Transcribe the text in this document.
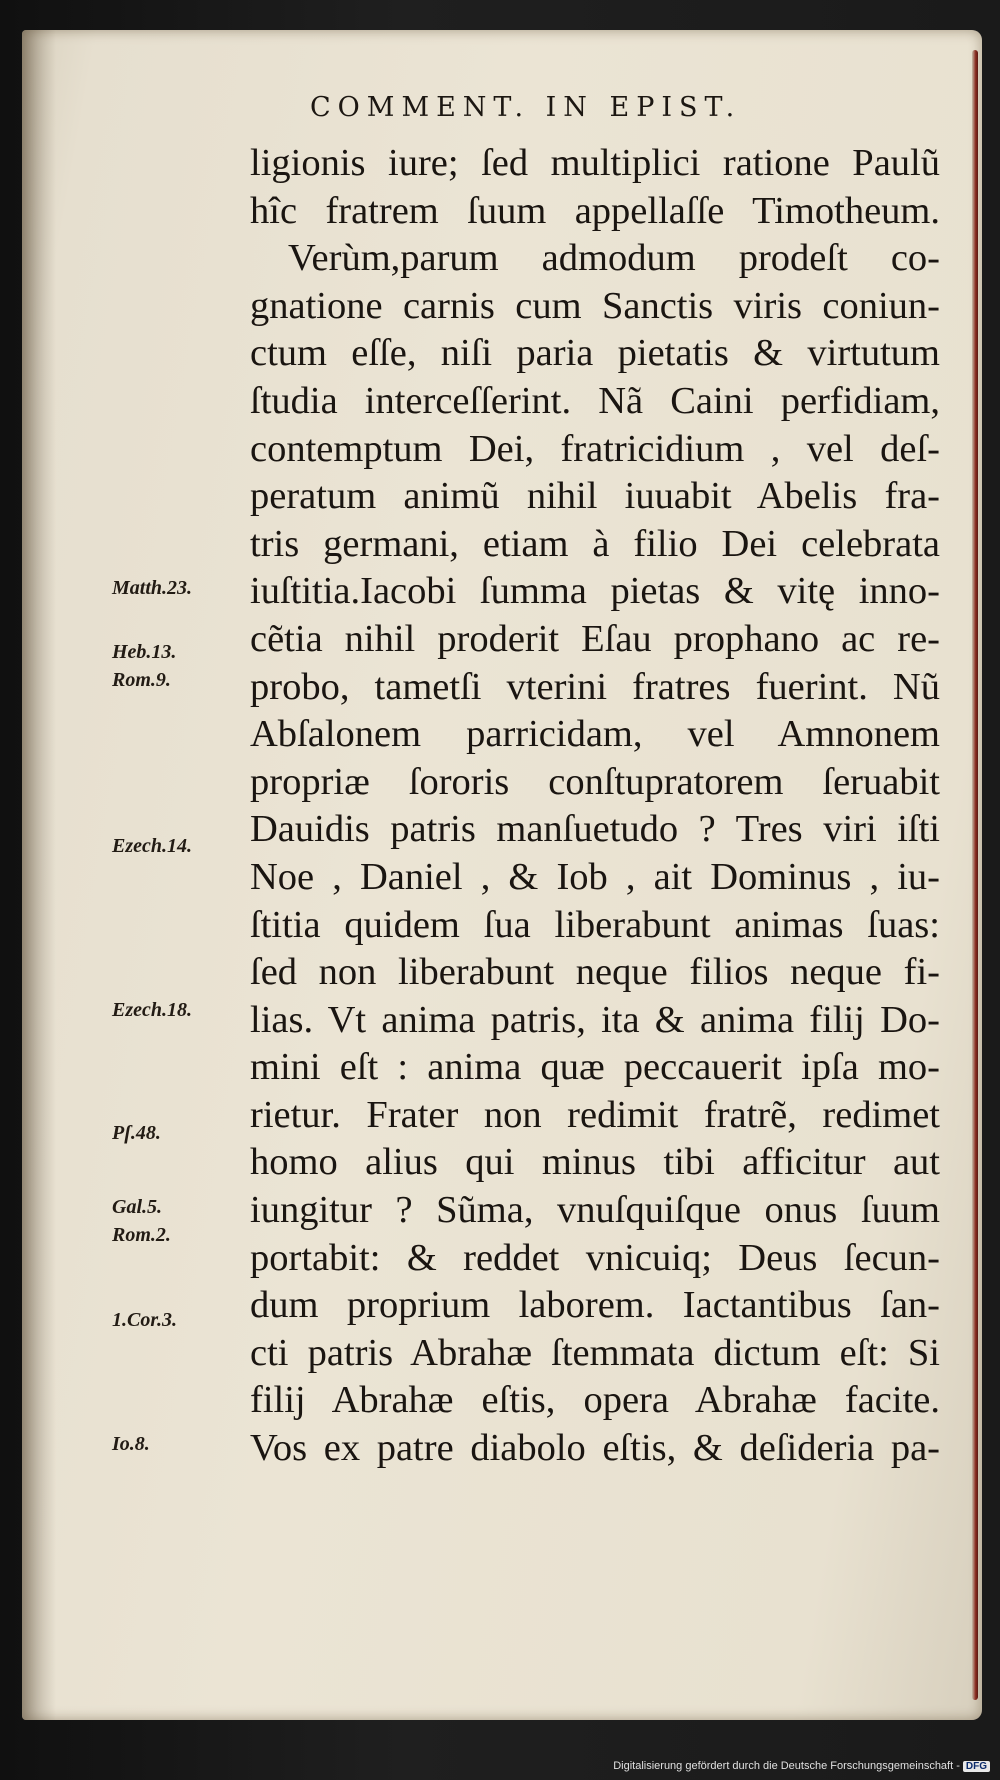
COMMENT. IN EPIST.
ligionis iure; ſed multiplici ratione Paulũ
hîc fratrem ſuum appellaſſe Timotheum.
Verùm,parum admodum prodeſt co-
gnatione carnis cum Sanctis viris coniun-
ctum eſſe, niſi paria pietatis & virtutum
ſtudia interceſſerint. Nã Caini perfidiam,
contemptum Dei, fratricidium , vel deſ-
peratum animũ nihil iuuabit Abelis fra-
tris germani, etiam à filio Dei celebrata
iuſtitia.Iacobi ſumma pietas & vitę inno-
cẽtia nihil proderit Eſau prophano ac re-
probo, tametſi vterini fratres fuerint. Nũ
Abſalonem parricidam, vel Amnonem
propriæ ſororis conſtupratorem ſeruabit
Dauidis patris manſuetudo ? Tres viri iſti
Noe , Daniel , & Iob , ait Dominus , iu-
ſtitia quidem ſua liberabunt animas ſuas:
ſed non liberabunt neque filios neque fi-
lias. Vt anima patris, ita & anima filij Do-
mini eſt : anima quæ peccauerit ipſa mo-
rietur. Frater non redimit fratrẽ, redimet
homo alius qui minus tibi afficitur aut
iungitur ? Sũma, vnuſquiſque onus ſuum
portabit: & reddet vnicuiq; Deus ſecun-
dum proprium laborem. Iactantibus ſan-
cti patris Abrahæ ſtemmata dictum eſt: Si
filij Abrahæ eſtis, opera Abrahæ facite.
Vos ex patre diabolo eſtis, & deſideria pa-
Matth.23.
Heb.13.
Rom.9.
Ezech.14.
Ezech.18.
Pſ.48.
Gal.5.
Rom.2.
1.Cor.3.
Io.8.
Digitalisierung gefördert durch die Deutsche Forschungsgemeinschaft - DFG
